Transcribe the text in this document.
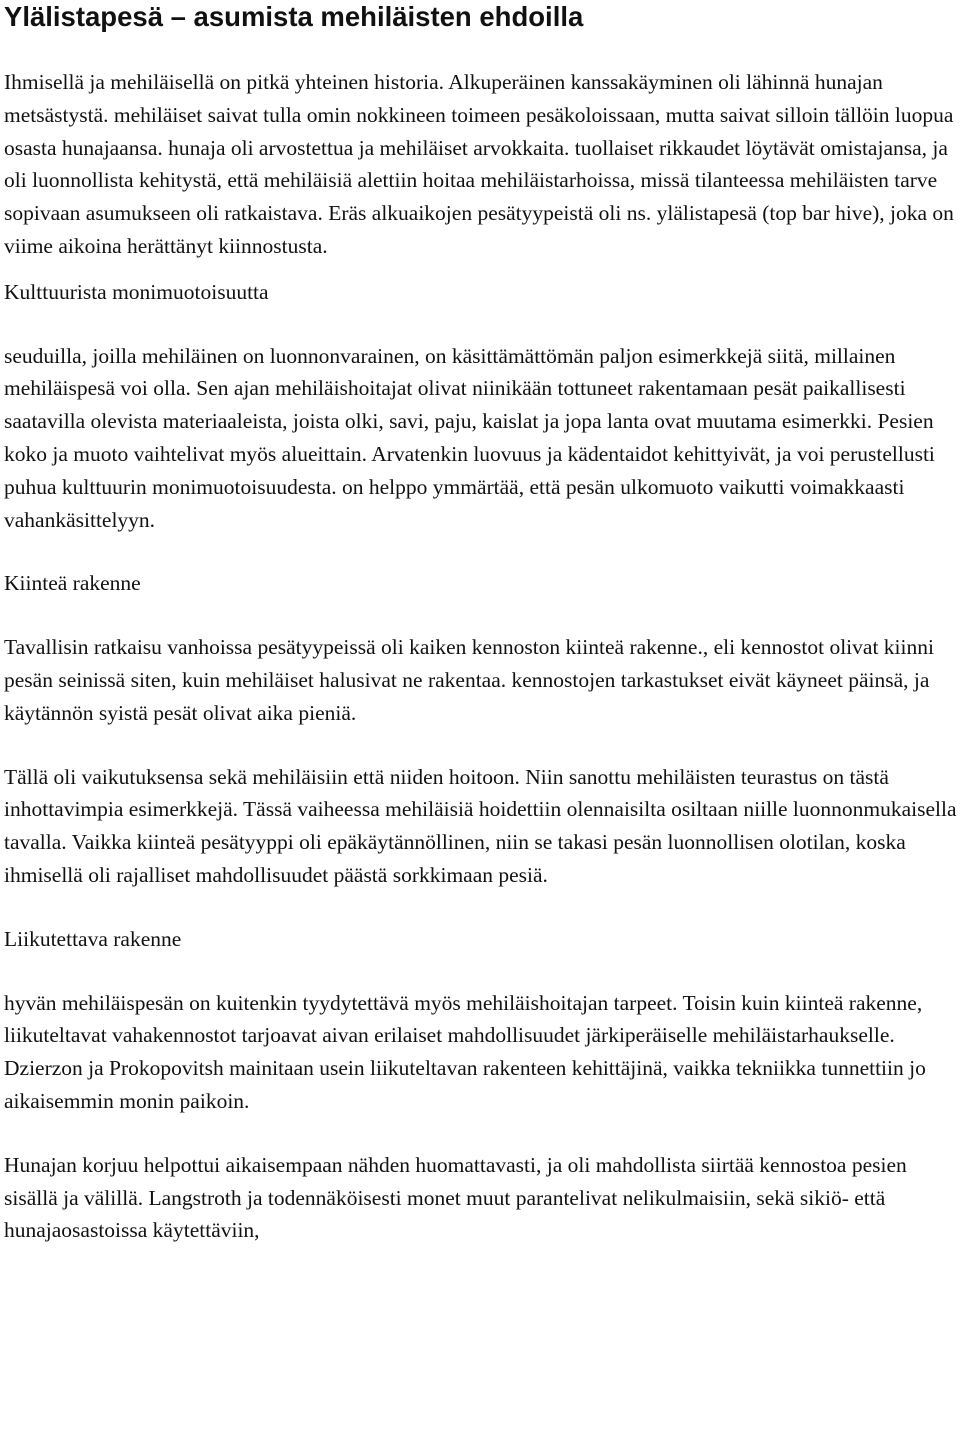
Ylälistapesä – asumista mehiläisten ehdoilla

Ihmisellä ja mehiläisellä on pitkä yhteinen historia. Alkuperäinen kanssakäyminen oli lähinnä hunajan metsästystä. mehiläiset saivat tulla omin nokkineen toimeen pesäkoloissaan, mutta saivat silloin tällöin luopua osasta hunajaansa. hunaja oli arvostettua ja mehiläiset arvokkaita. tuollaiset rikkaudet löytävät omistajansa, ja oli luonnollista kehitystä, että mehiläisiä alettiin hoitaa mehiläistarhoissa, missä tilanteessa mehiläisten tarve sopivaan asumukseen oli ratkaistava. Eräs alkuaikojen pesätyypeistä oli ns. ylälistapesä (top bar hive), joka on viime aikoina herättänyt kiinnostusta.

Kulttuurista monimuotoisuutta

seuduilla, joilla mehiläinen on luonnonvarainen, on käsittämättömän paljon esimerkkejä siitä, millainen mehiläispesä voi olla. Sen ajan mehiläishoitajat olivat niinikään tottuneet rakentamaan pesät paikallisesti saatavilla olevista materiaaleista, joista olki, savi, paju, kaislat ja jopa lanta ovat muutama esimerkki. Pesien koko ja muoto vaihtelivat myös alueittain. Arvatenkin luovuus ja kädentaidot kehittyivät, ja voi perustellusti puhua kulttuurin monimuotoisuudesta. on helppo ymmärtää, että pesän ulkomuoto vaikutti voimakkaasti vahankäsittelyyn.

Kiinteä rakenne

Tavallisin ratkaisu vanhoissa pesätyypeissä oli kaiken kennoston kiinteä rakenne., eli kennostot olivat kiinni pesän seinissä siten, kuin mehiläiset halusivat ne rakentaa. kennostojen tarkastukset eivät käyneet päinsä, ja käytännön syistä pesät olivat aika pieniä.

Tällä oli vaikutuksensa sekä mehiläisiin että niiden hoitoon. Niin sanottu mehiläisten teurastus on tästä inhottavimpia esimerkkejä. Tässä vaiheessa mehiläisiä hoidettiin olennaisilta osiltaan niille luonnonmukaisella tavalla. Vaikka kiinteä pesätyyppi oli epäkäytännöllinen, niin se takasi pesän luonnollisen olotilan, koska ihmisellä oli rajalliset mahdollisuudet päästä sorkkimaan pesiä.

Liikutettava rakenne

hyvän mehiläispesän on kuitenkin tyydytettävä myös mehiläishoitajan tarpeet. Toisin kuin kiinteä rakenne, liikuteltavat vahakennostot tarjoavat aivan erilaiset mahdollisuudet järkiperäiselle mehiläistarhaukselle. Dzierzon ja Prokopovitsh mainitaan usein liikuteltavan rakenteen kehittäjinä, vaikka tekniikka tunnettiin jo aikaisemmin monin paikoin.

Hunajan korjuu helpottui aikaisempaan nähden huomattavasti, ja oli mahdollista siirtää kennostoa pesien sisällä ja välillä. Langstroth ja todennäköisesti monet muut parantelivat nelikulmaisiin, sekä sikiö- että hunajaosastoissa käytettäviin,
